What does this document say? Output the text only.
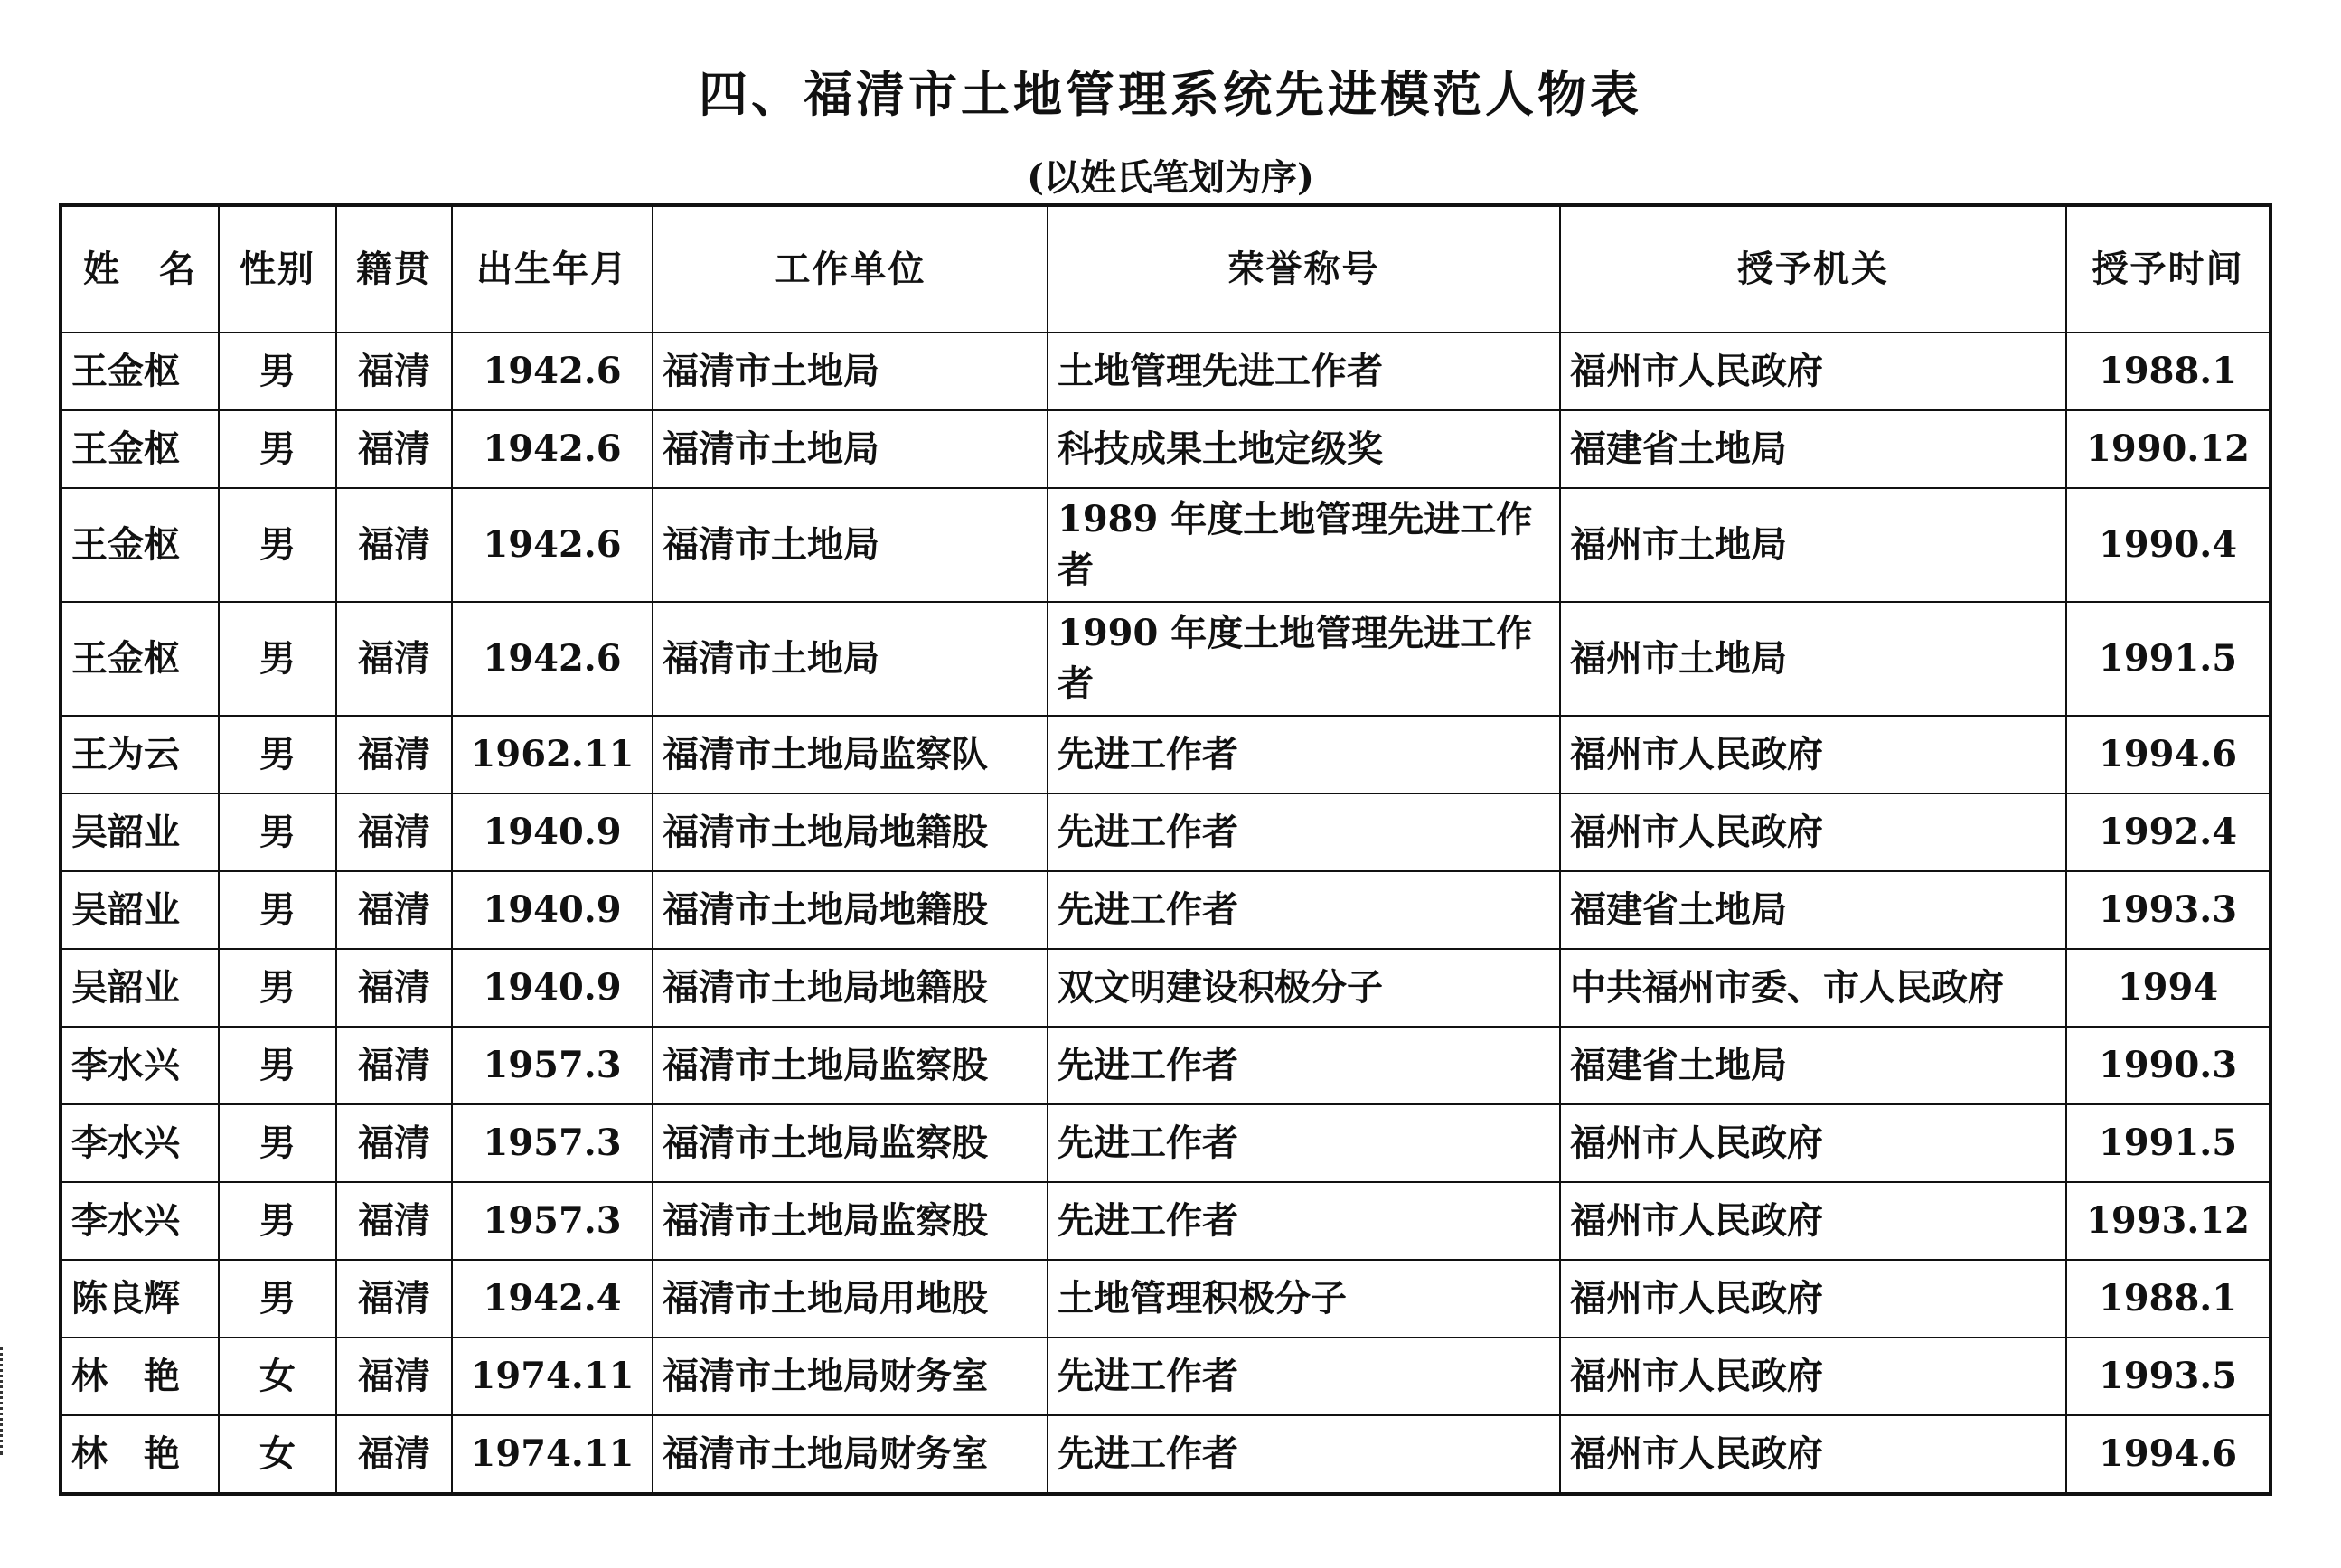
四、福清市土地管理系统先进模范人物表
(以姓氏笔划为序)
姓　名	性别	籍贯	出生年月	工作单位	荣誉称号	授予机关	授予时间
王金枢	男	福清	1942.6	福清市土地局	土地管理先进工作者	福州市人民政府	1988.1
王金枢	男	福清	1942.6	福清市土地局	科技成果土地定级奖	福建省土地局	1990.12
王金枢	男	福清	1942.6	福清市土地局	1989 年度土地管理先进工作者	福州市土地局	1990.4
王金枢	男	福清	1942.6	福清市土地局	1990 年度土地管理先进工作者	福州市土地局	1991.5
王为云	男	福清	1962.11	福清市土地局监察队	先进工作者	福州市人民政府	1994.6
吴韶业	男	福清	1940.9	福清市土地局地籍股	先进工作者	福州市人民政府	1992.4
吴韶业	男	福清	1940.9	福清市土地局地籍股	先进工作者	福建省土地局	1993.3
吴韶业	男	福清	1940.9	福清市土地局地籍股	双文明建设积极分子	中共福州市委、市人民政府	1994
李水兴	男	福清	1957.3	福清市土地局监察股	先进工作者	福建省土地局	1990.3
李水兴	男	福清	1957.3	福清市土地局监察股	先进工作者	福州市人民政府	1991.5
李水兴	男	福清	1957.3	福清市土地局监察股	先进工作者	福州市人民政府	1993.12
陈良辉	男	福清	1942.4	福清市土地局用地股	土地管理积极分子	福州市人民政府	1988.1
林　艳	女	福清	1974.11	福清市土地局财务室	先进工作者	福州市人民政府	1993.5
林　艳	女	福清	1974.11	福清市土地局财务室	先进工作者	福州市人民政府	1994.6
